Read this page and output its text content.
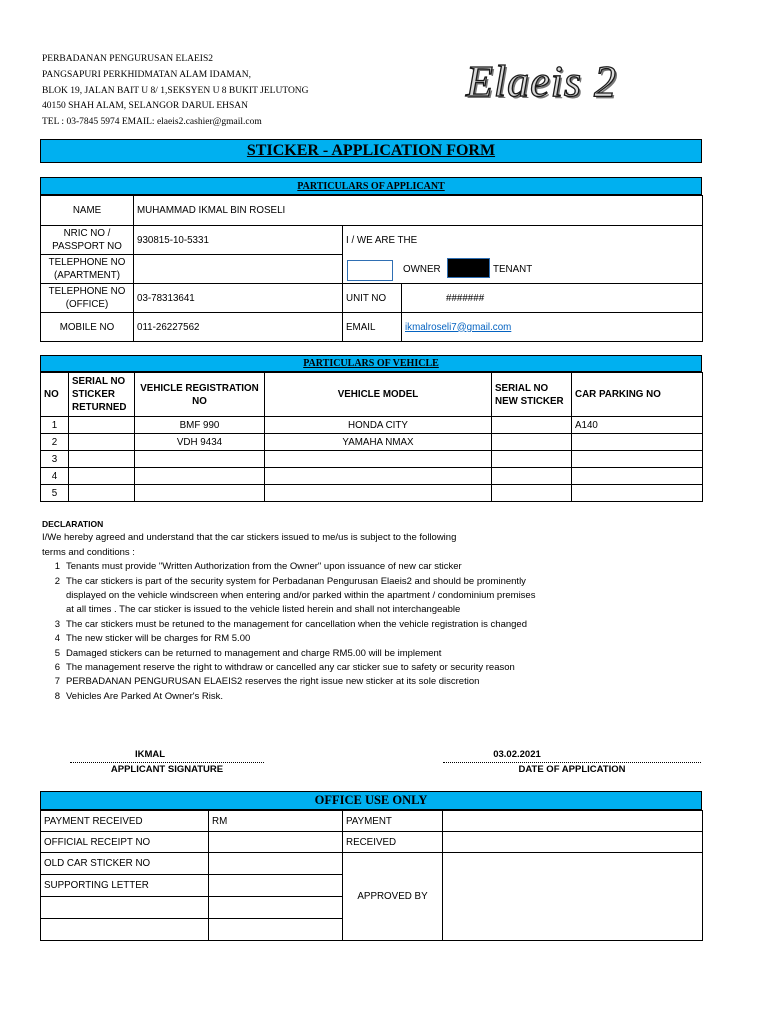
PERBADANAN PENGURUSAN ELAEIS2
PANGSAPURI PERKHIDMATAN ALAM IDAMAN,
BLOK 19, JALAN BAIT U 8/ 1,SEKSYEN U 8 BUKIT JELUTONG
40150 SHAH ALAM, SELANGOR DARUL EHSAN
TEL : 03-7845 5974 EMAIL: elaeis2.cashier@gmail.com
Elaeis 2
STICKER - APPLICATION FORM
PARTICULARS OF APPLICANT
NAME	MUHAMMAD IKMAL BIN ROSELI		
NRIC NO / PASSPORT NO	930815-10-5331	I / WE ARE THE	
TELEPHONE NO (APARTMENT)		OWNER TENANT	

TELEPHONE NO (OFFICE)	03-78313641	UNIT NO	#######
MOBILE NO	011-26227562	EMAIL	ikmalroseli7@gmail.com
PARTICULARS OF VEHICLE
NO	SERIAL NO STICKER RETURNED	VEHICLE REGISTRATION NO	VEHICLE MODEL	SERIAL NO NEW STICKER	CAR PARKING NO
1		BMF 990	HONDA CITY		A140
2		VDH 9434	YAMAHA NMAX		
3					
4					
5					
DECLARATION
I/We hereby agreed and understand that the car stickers issued to me/us is subject to the following
terms and conditions :
1 Tenants must provide "Written Authorization from the Owner" upon issuance of new car sticker
2 The car stickers is part of the security system for Perbadanan Pengurusan Elaeis2 and should be prominently
displayed on the vehicle windscreen when entering and/or parked within the apartment / condominium premises
at all times . The car sticker is issued to the vehicle listed herein and shall not interchangeable
3 The car stickers must be retuned to the management for cancellation when the vehicle registration is changed
4 The new sticker will be charges for RM 5.00
5 Damaged stickers can be returned to management and charge RM5.00 will be implement
6 The management reserve the right to withdraw or cancelled any car sticker sue to safety or security reason
7 PERBADANAN PENGURUSAN ELAEIS2 reserves the right issue new sticker at its sole discretion
8 Vehicles Are Parked At Owner's Risk.
IKMAL
APPLICANT SIGNATURE
03.02.2021
DATE OF APPLICATION
OFFICE USE ONLY
PAYMENT RECEIVED	RM	PAYMENT	
OFFICIAL RECEIPT NO		RECEIVED	
OLD CAR STICKER NO		APPROVED BY	
SUPPORTING LETTER			
